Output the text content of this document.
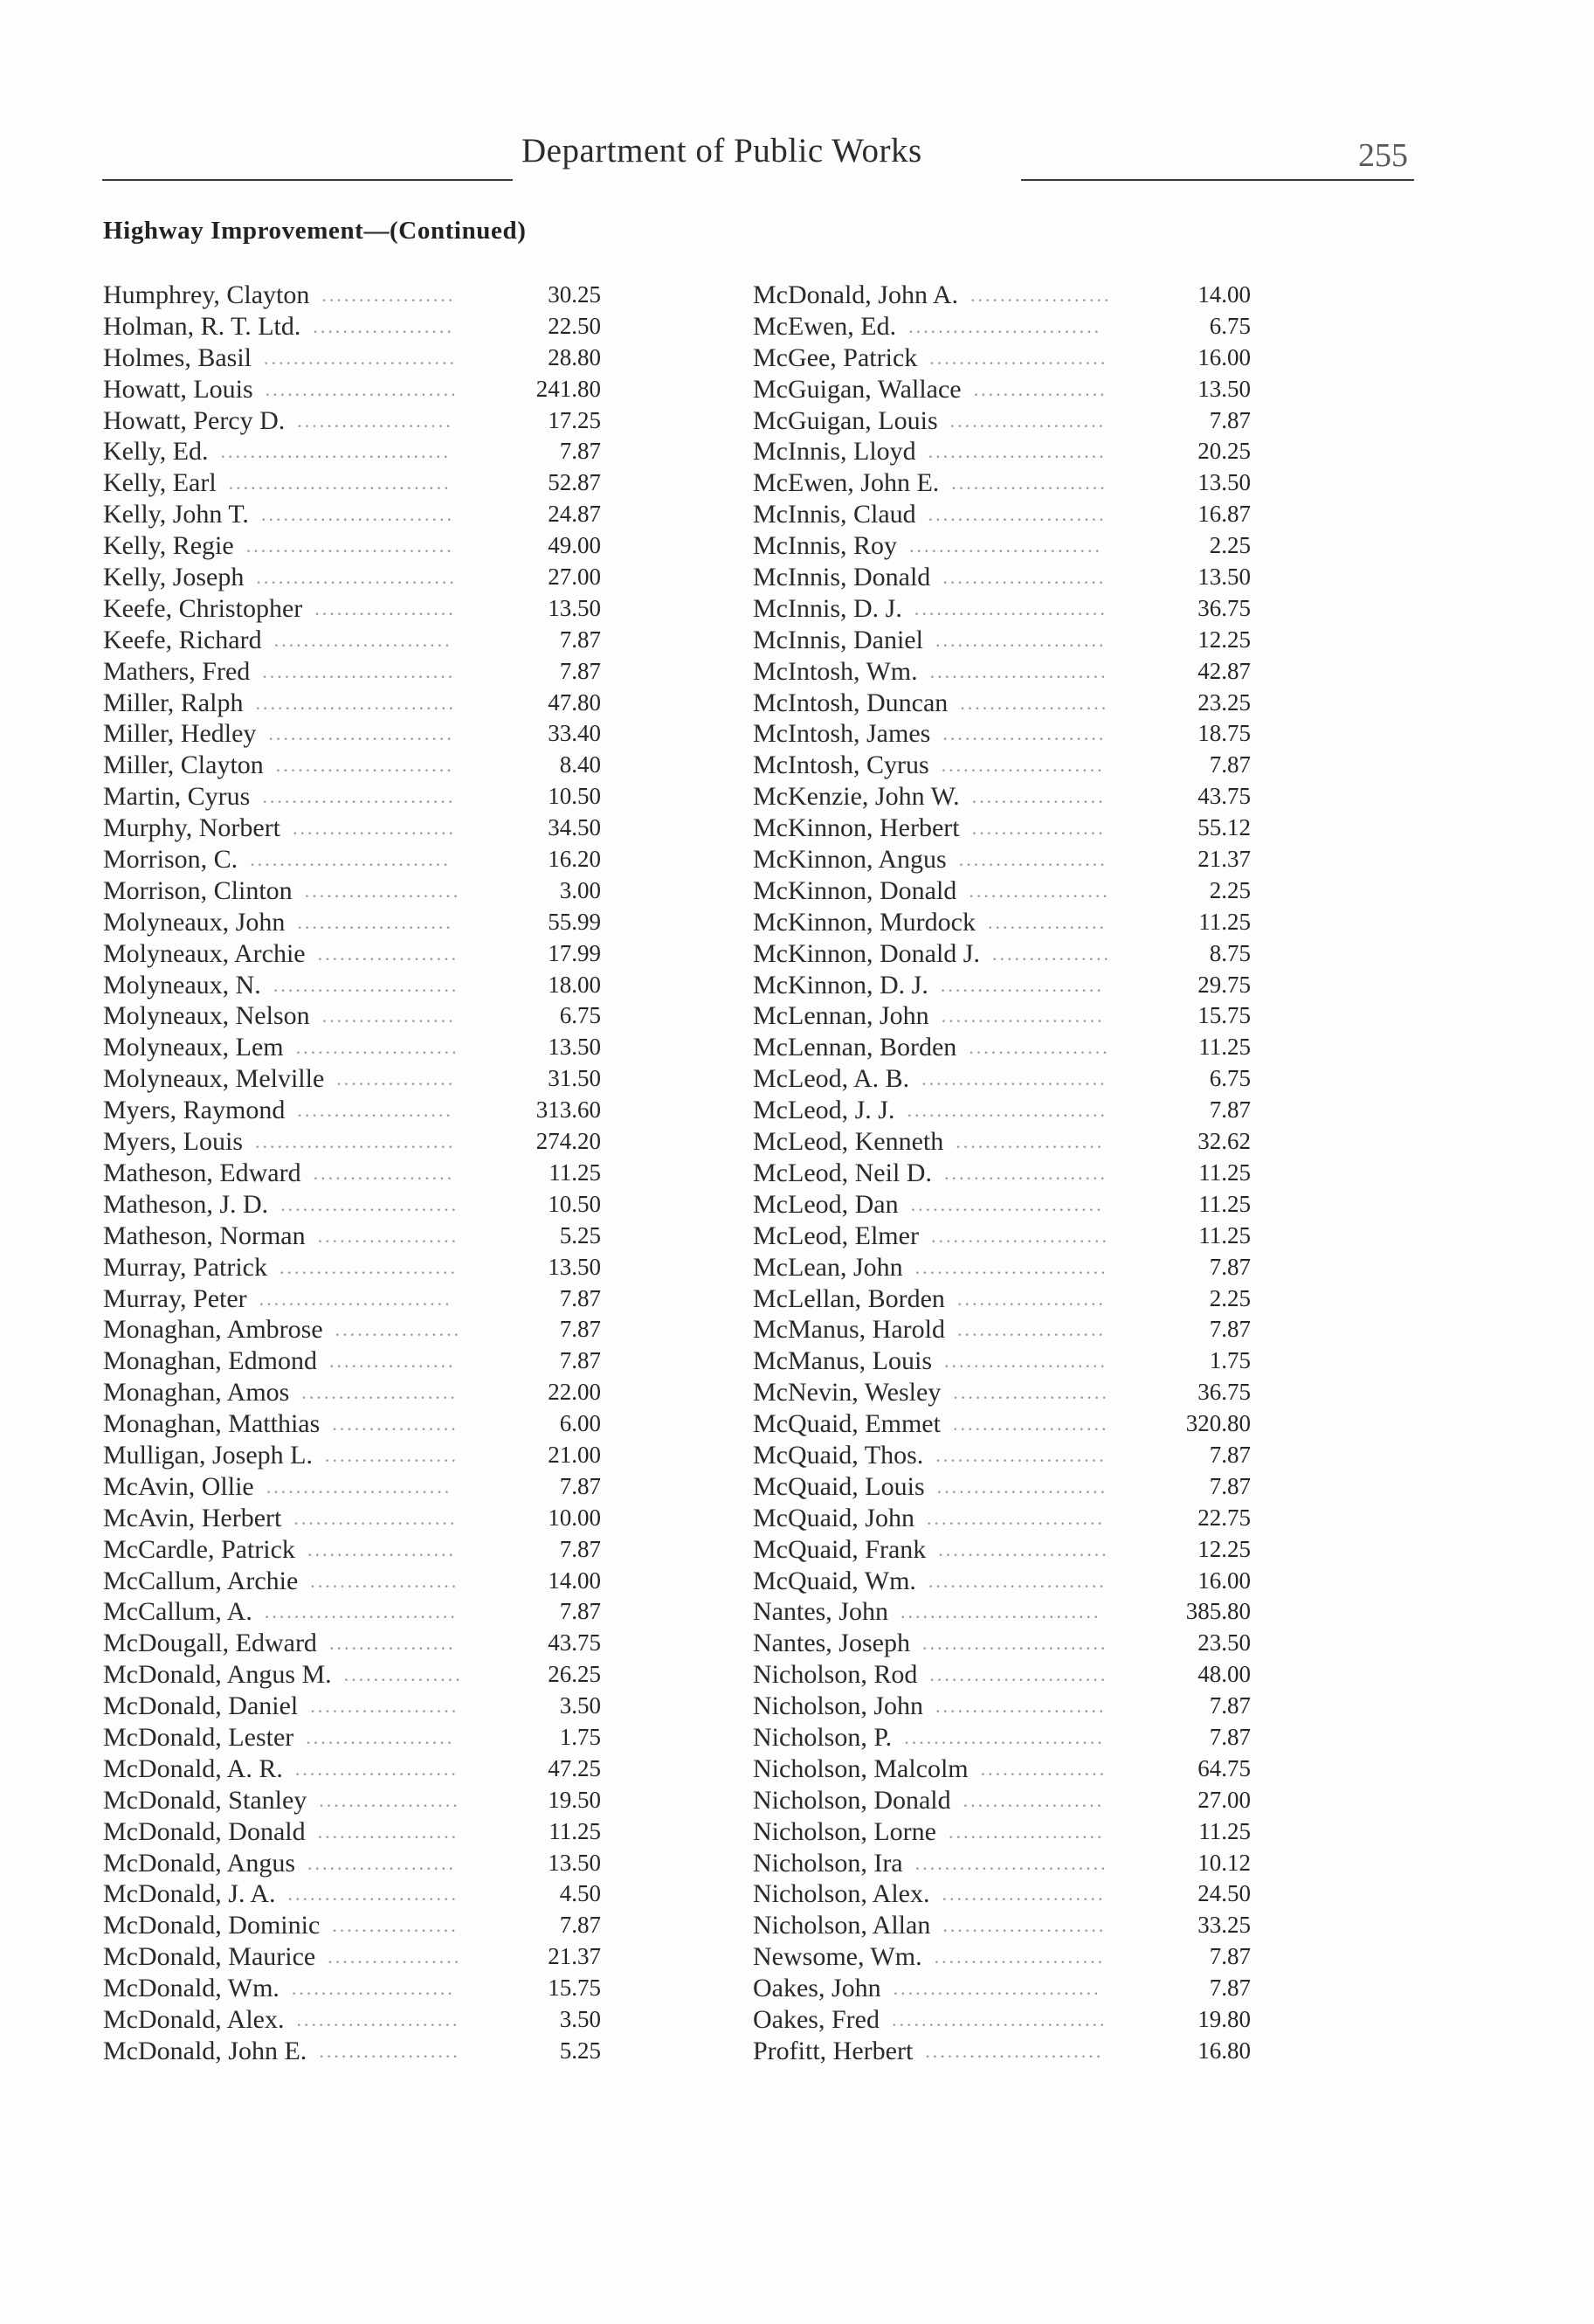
Department of Public Works	255
Highway Improvement—(Continued)
Humphrey, Clayton ..................	30.25
Holman, R. T. Ltd. ...................	22.50
Holmes, Basil ..........................	28.80
Howatt, Louis ..........................	241.80
Howatt, Percy D. .....................	17.25
Kelly, Ed. ...............................	7.87
Kelly, Earl ..............................	52.87
Kelly, John T. ..........................	24.87
Kelly, Regie ............................	49.00
Kelly, Joseph ...........................	27.00
Keefe, Christopher ...................	13.50
Keefe, Richard ........................	7.87
Mathers, Fred ..........................	7.87
Miller, Ralph ...........................	47.80
Miller, Hedley .........................	33.40
Miller, Clayton ........................	8.40
Martin, Cyrus ..........................	10.50
Murphy, Norbert ......................	34.50
Morrison, C. ...........................	16.20
Morrison, Clinton .....................	3.00
Molyneaux, John .....................	55.99
Molyneaux, Archie ...................	17.99
Molyneaux, N. .........................	18.00
Molyneaux, Nelson ..................	6.75
Molyneaux, Lem ......................	13.50
Molyneaux, Melville ................	31.50
Myers, Raymond .....................	313.60
Myers, Louis ...........................	274.20
Matheson, Edward ...................	11.25
Matheson, J. D. ........................	10.50
Matheson, Norman ...................	5.25
Murray, Patrick ........................	13.50
Murray, Peter ..........................	7.87
Monaghan, Ambrose .................	7.87
Monaghan, Edmond .................	7.87
Monaghan, Amos .....................	22.00
Monaghan, Matthias .................	6.00
Mulligan, Joseph L. ..................	21.00
McAvin, Ollie .........................	7.87
McAvin, Herbert ......................	10.00
McCardle, Patrick ....................	7.87
McCallum, Archie ....................	14.00
McCallum, A. ..........................	7.87
McDougall, Edward .................	43.75
McDonald, Angus M. ................	26.25
McDonald, Daniel ....................	3.50
McDonald, Lester ....................	1.75
McDonald, A. R. ......................	47.25
McDonald, Stanley ...................	19.50
McDonald, Donald ...................	11.25
McDonald, Angus ....................	13.50
McDonald, J. A. .......................	4.50
McDonald, Dominic .................	7.87
McDonald, Maurice ..................	21.37
McDonald, Wm. ......................	15.75
McDonald, Alex. ......................	3.50
McDonald, John E. ...................	5.25
McDonald, John A. ...................	14.00
McEwen, Ed. ..........................	6.75
McGee, Patrick ........................	16.00
McGuigan, Wallace ..................	13.50
McGuigan, Louis .....................	7.87
McInnis, Lloyd ........................	20.25
McEwen, John E. .....................	13.50
McInnis, Claud ........................	16.87
McInnis, Roy ..........................	2.25
McInnis, Donald ......................	13.50
McInnis, D. J. ..........................	36.75
McInnis, Daniel .......................	12.25
McIntosh, Wm. ........................	42.87
McIntosh, Duncan ....................	23.25
McIntosh, James ......................	18.75
McIntosh, Cyrus ......................	7.87
McKenzie, John W. ..................	43.75
McKinnon, Herbert ..................	55.12
McKinnon, Angus ....................	21.37
McKinnon, Donald ...................	2.25
McKinnon, Murdock ................	11.25
McKinnon, Donald J. ................	8.75
McKinnon, D. J. ......................	29.75
McLennan, John ......................	15.75
McLennan, Borden ...................	11.25
McLeod, A. B. .........................	6.75
McLeod, J. J. ...........................	7.87
McLeod, Kenneth ....................	32.62
McLeod, Neil D. ......................	11.25
McLeod, Dan ..........................	11.25
McLeod, Elmer ........................	11.25
McLean, John ..........................	7.87
McLellan, Borden ....................	2.25
McManus, Harold ....................	7.87
McManus, Louis ......................	1.75
McNevin, Wesley .....................	36.75
McQuaid, Emmet .....................	320.80
McQuaid, Thos. .......................	7.87
McQuaid, Louis .......................	7.87
McQuaid, John ........................	22.75
McQuaid, Frank .......................	12.25
McQuaid, Wm. ........................	16.00
Nantes, John ...........................	385.80
Nantes, Joseph .........................	23.50
Nicholson, Rod ........................	48.00
Nicholson, John .......................	7.87
Nicholson, P. ...........................	7.87
Nicholson, Malcolm .................	64.75
Nicholson, Donald ...................	27.00
Nicholson, Lorne .....................	11.25
Nicholson, Ira ..........................	10.12
Nicholson, Alex. ......................	24.50
Nicholson, Allan ......................	33.25
Newsome, Wm. .......................	7.87
Oakes, John ............................	7.87
Oakes, Fred .............................	19.80
Profitt, Herbert ........................	16.80
